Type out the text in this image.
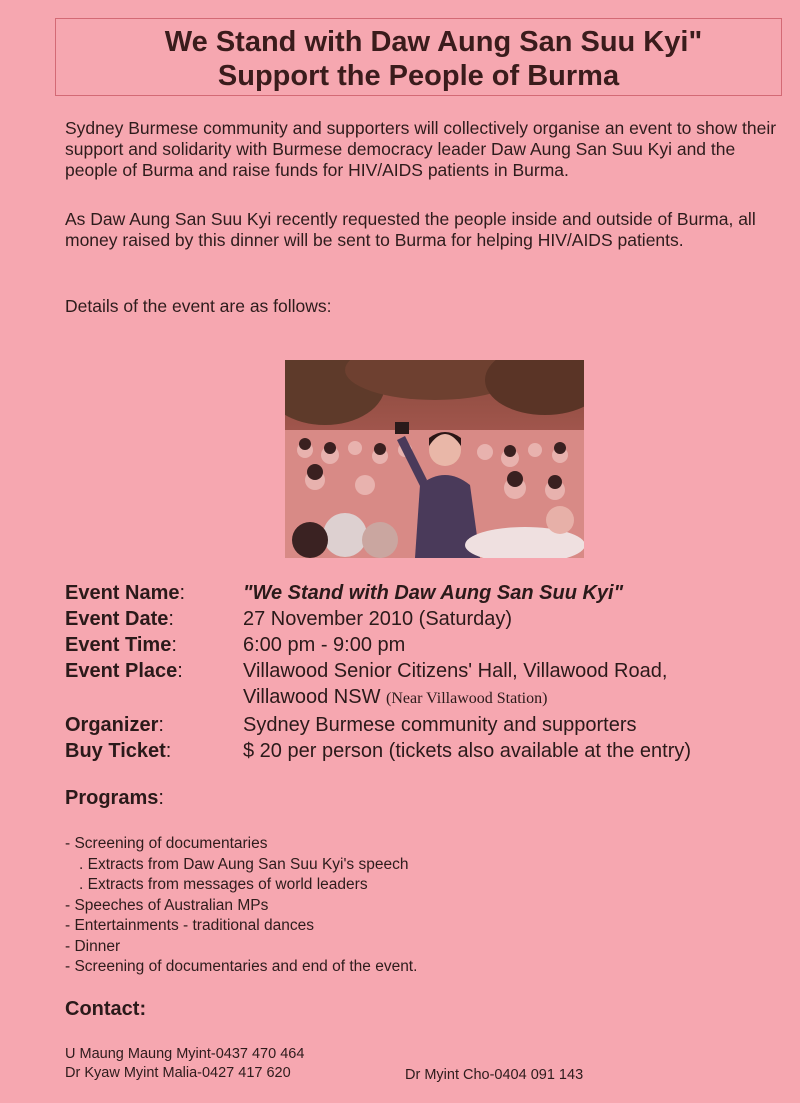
We Stand with Daw Aung San Suu Kyi"
Support the People of Burma
Sydney Burmese community and supporters will collectively organise an event to show their support and solidarity with Burmese democracy leader Daw Aung San Suu Kyi and the people of Burma and raise funds for HIV/AIDS patients in Burma.
As Daw Aung San Suu Kyi recently requested the people inside and outside of Burma, all money raised by this dinner will be sent to Burma for helping HIV/AIDS patients.
Details of the event are as follows:
Event Name:	"We Stand with Daw Aung San Suu Kyi"
Event Date:	27 November 2010 (Saturday)
Event Time:	6:00 pm - 9:00 pm
Event Place:	Villawood Senior Citizens' Hall, Villawood Road,
Villawood NSW (Near Villawood Station)
Organizer:	Sydney Burmese community and supporters
Buy Ticket:	$ 20 per person (tickets also available at the entry)
Programs:
- Screening of documentaries
. Extracts from Daw Aung San Suu Kyi's speech
. Extracts from messages of world leaders
- Speeches of Australian MPs
- Entertainments - traditional dances
- Dinner
- Screening of documentaries and end of the event.
Contact:
U Maung Maung Myint-0437 470 464
Dr Kyaw Myint Malia-0427 417 620	Dr Myint Cho-0404 091 143
